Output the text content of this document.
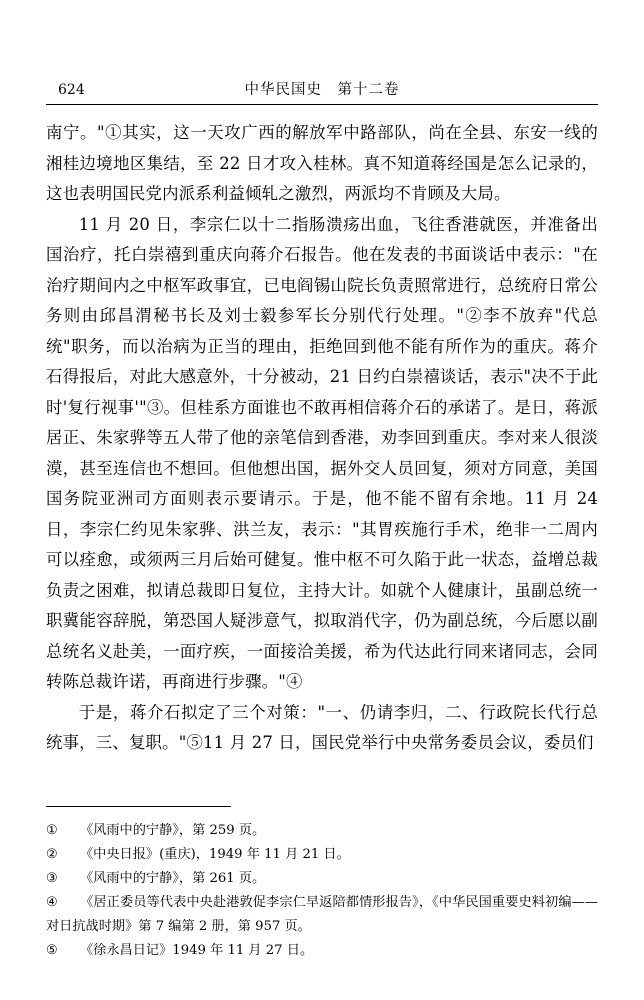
624	中华民国史　第十二卷

南宁。"①其实，这一天攻广西的解放军中路部队，尚在全县、东安一线的湘桂边境地区集结，至 22 日才攻入桂林。真不知道蒋经国是怎么记录的，这也表明国民党内派系利益倾轧之激烈，两派均不肯顾及大局。

11 月 20 日，李宗仁以十二指肠溃疡出血，飞往香港就医，并准备出国治疗，托白崇禧到重庆向蒋介石报告。他在发表的书面谈话中表示："在治疗期间内之中枢军政事宜，已电阎锡山院长负责照常进行，总统府日常公务则由邱昌渭秘书长及刘士毅参军长分别代行处理。"②李不放弃"代总统"职务，而以治病为正当的理由，拒绝回到他不能有所作为的重庆。蒋介石得报后，对此大感意外，十分被动，21 日约白崇禧谈话，表示"决不于此时'复行视事'"③。但桂系方面谁也不敢再相信蒋介石的承诺了。是日，蒋派居正、朱家骅等五人带了他的亲笔信到香港，劝李回到重庆。李对来人很淡漠，甚至连信也不想回。但他想出国，据外交人员回复，须对方同意，美国国务院亚洲司方面则表示要请示。于是，他不能不留有余地。11 月 24 日，李宗仁约见朱家骅、洪兰友，表示："其胃疾施行手术，绝非一二周内可以痊愈，或须两三月后始可健复。惟中枢不可久陷于此一状态，益增总裁负责之困难，拟请总裁即日复位，主持大计。如就个人健康计，虽副总统一职冀能容辞脱，第恐国人疑涉意气，拟取消代字，仍为副总统，今后愿以副总统名义赴美，一面疗疾，一面接洽美援，希为代达此行同来诸同志，会同转陈总裁许诺，再商进行步骤。"④

于是，蒋介石拟定了三个对策："一、仍请李归，二、行政院长代行总统事，三、复职。"⑤11 月 27 日，国民党举行中央常务委员会议，委员们

① 《风雨中的宁静》，第 259 页。

② 《中央日报》(重庆)，1949 年 11 月 21 日。

③ 《风雨中的宁静》，第 261 页。

④ 《居正委员等代表中央赴港敦促李宗仁早返陪都情形报告》，《中华民国重要史料初编——对日抗战时期》第 7 编第 2 册，第 957 页。

⑤ 《徐永昌日记》1949 年 11 月 27 日。
